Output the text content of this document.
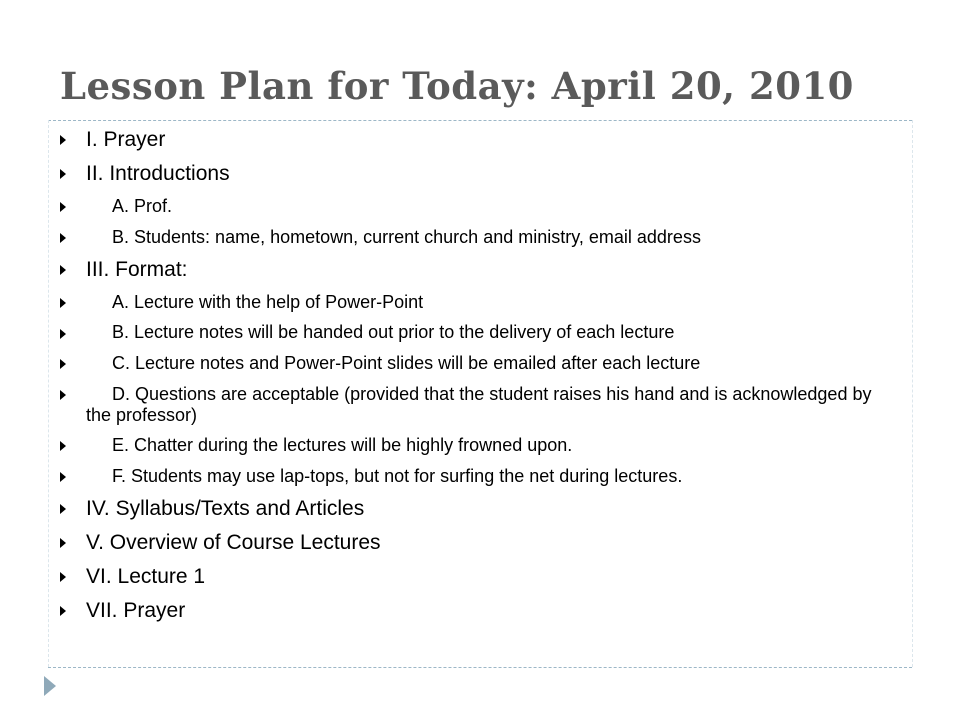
Lesson Plan for Today: April 20, 2010
I. Prayer
II. Introductions
A. Prof.
B. Students: name, hometown, current church and ministry, email address
III. Format:
A. Lecture with the help of Power-Point
B. Lecture notes will be handed out prior to the delivery of each lecture
C. Lecture notes and Power-Point slides will be emailed after each lecture
D. Questions are acceptable (provided that the student raises his hand and is acknowledged by the professor)
E. Chatter during the lectures will be highly frowned upon.
F. Students may use lap-tops, but not for surfing the net during lectures.
IV. Syllabus/Texts and Articles
V. Overview of Course Lectures
VI. Lecture 1
VII. Prayer
